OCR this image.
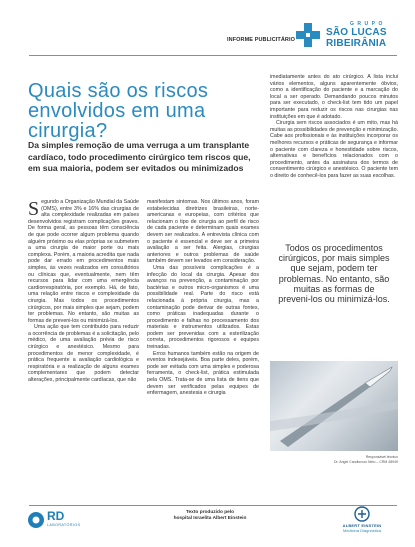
INFORME PUBLICITÁRIO
GRUPO
SÃO LUCAS
RIBEIRÂNIA
Quais são os riscos envolvidos em uma cirurgia?
Da simples remoção de uma verruga a um transplante cardíaco, todo procedimento cirúrgico tem riscos que, em sua maioria, podem ser evitados ou minimizados

imediatamente antes do ato cirúrgico. A lista inclui vários elementos, alguns aparentemente óbvios, como a identificação do paciente e a marcação do local a ser operado. Demandando poucos minutos para ser executado, o check-list tem tido um papel importante para reduzir os riscos nas cirurgias nas instituições em que é adotado.

Cirurgia sem riscos associados é um mito, mas há muitas as possibilidades de prevenção e minimização. Cabe aos profissionais e às instituições incorporar os melhores recursos e práticas de segurança e informar o paciente com clareza e honestidade sobre riscos, alternativas e benefícios relacionados com o procedimento, antes da assinatura dos termos de consentimento cirúrgico e anestésico. O paciente tem o direito de conhecê-los para fazer as suas escolhas.

Segundo a Organização Mundial da Saúde (OMS), entre 3% e 16% das cirurgias de alta complexidade realizadas em países desenvolvidos registram complicações graves. De forma geral, as pessoas têm consciência de que pode ocorrer algum problema quando alguém próximo ou elas próprias se submetem a uma cirurgia de maior porte ou mais complexa. Porém, a maioria acredita que nada pode dar errado em procedimentos mais simples, às vezes realizados em consultórios ou clínicas que, eventualmente, nem têm recursos para lidar com uma emergência cardiorrespiratória, por exemplo. Há, de fato, uma relação entre riscos e complexidade da cirurgia. Mas todos os procedimentos cirúrgicos, por mais simples que sejam, podem ter problemas. No entanto, são muitas as formas de preveni-los ou minimizá-los.

Uma ação que tem contribuído para reduzir a ocorrência de problemas é a solicitação, pelo médico, de uma avaliação prévia de risco cirúrgico e anestésico. Mesmo para procedimentos de menor complexidade, é prática frequente a avaliação cardiológica e respiratória e a realização de alguns exames complementares que podem detectar alterações, principalmente cardíacas, que não

manifestam sintomas. Nos últimos anos, foram estabelecidas diretrizes brasileiras, norte-americanas e europeias, com critérios que relacionam o tipo de cirurgia ao perfil de risco de cada paciente e determinam quais exames devem ser realizados. A entrevista clínica com o paciente é essencial e deve ser a primeira avaliação a ser feita. Alergias, cirurgias anteriores e outros problemas de saúde também devem ser levados em consideração.

Uma das possíveis complicações é a infecção do local da cirurgia. Apesar dos avanços na prevenção, a contaminação por bactérias e outros micro-organismos é uma possibilidade real. Parte do risco está relacionada à própria cirurgia, mas a contaminação pode derivar de outras fontes, como práticas inadequadas durante o procedimento e falhas no processamento dos materiais e instrumentos utilizados. Estas podem ser prevenidas com a esterilização correta, procedimentos rigorosos e equipes treinadas.

Erros humanos também estão na origem de eventos indesejáveis. Boa parte deles, porém, pode ser evitada com uma simples e poderosa ferramenta, o check-list, prática estimulada pela OMS. Trata-se de uma lista de itens que devem ser verificados pelas equipes de enfermagem, anestesia e cirurgia

Todos os procedimentos cirúrgicos, por mais simples que sejam, podem ter problemas. No entanto, são muitas as formas de preveni-los ou minimizá-los.
Responsável técnico
Dr. Angel Candiorozo Neto – CRM 48949
RD
LABORATÓRIOS
Texto produzido pelo
hospital Israelita Albert Einstein
ALBERT EINSTEIN
Medicina Diagnóstica
